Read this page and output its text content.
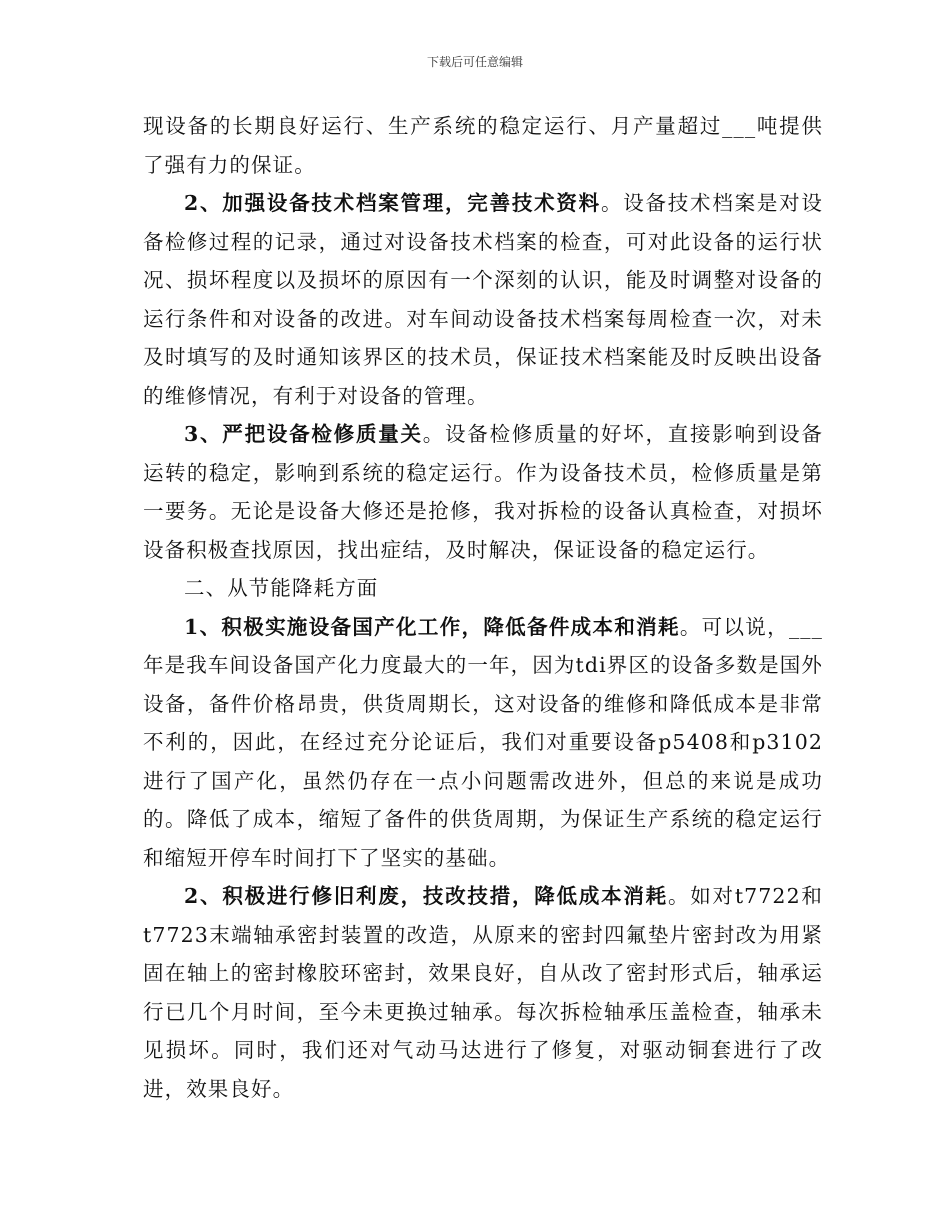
下载后可任意编辑

现设备的长期良好运行、生产系统的稳定运行、月产量超过___吨提供了强有力的保证。

2、加强设备技术档案管理，完善技术资料。设备技术档案是对设备检修过程的记录，通过对设备技术档案的检查，可对此设备的运行状况、损坏程度以及损坏的原因有一个深刻的认识，能及时调整对设备的运行条件和对设备的改进。对车间动设备技术档案每周检查一次，对未及时填写的及时通知该界区的技术员，保证技术档案能及时反映出设备的维修情况，有利于对设备的管理。

3、严把设备检修质量关。设备检修质量的好坏，直接影响到设备运转的稳定，影响到系统的稳定运行。作为设备技术员，检修质量是第一要务。无论是设备大修还是抢修，我对拆检的设备认真检查，对损坏设备积极查找原因，找出症结，及时解决，保证设备的稳定运行。

二、从节能降耗方面

1、积极实施设备国产化工作，降低备件成本和消耗。可以说，___年是我车间设备国产化力度最大的一年，因为tdi界区的设备多数是国外设备，备件价格昂贵，供货周期长，这对设备的维修和降低成本是非常不利的，因此，在经过充分论证后，我们对重要设备p5408和p3102进行了国产化，虽然仍存在一点小问题需改进外，但总的来说是成功的。降低了成本，缩短了备件的供货周期，为保证生产系统的稳定运行和缩短开停车时间打下了坚实的基础。

2、积极进行修旧利废，技改技措，降低成本消耗。如对t7722和t7723末端轴承密封装置的改造，从原来的密封四氟垫片密封改为用紧固在轴上的密封橡胶环密封，效果良好，自从改了密封形式后，轴承运行已几个月时间，至今未更换过轴承。每次拆检轴承压盖检查，轴承未见损坏。同时，我们还对气动马达进行了修复，对驱动铜套进行了改进，效果良好。
